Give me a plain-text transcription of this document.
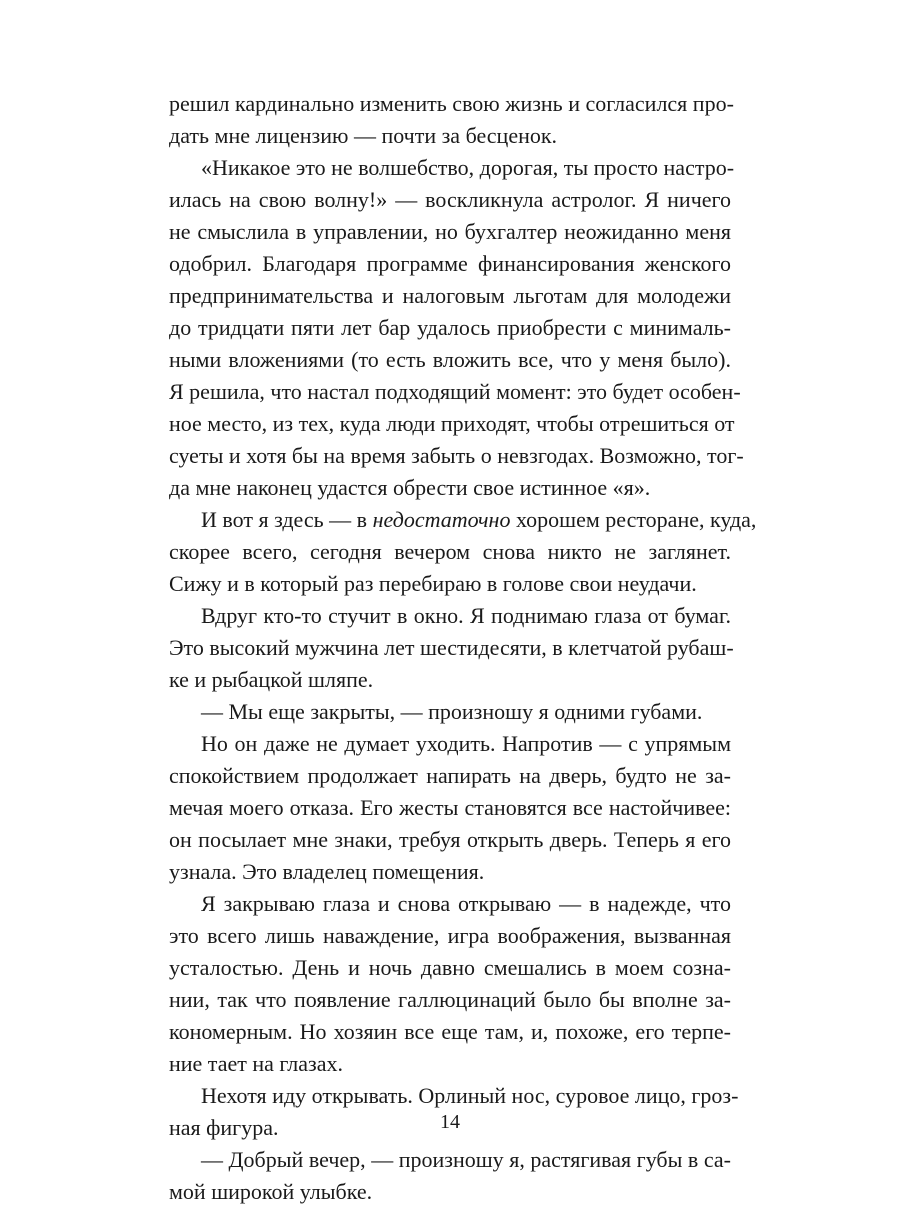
решил кардинально изменить свою жизнь и согласился про-
дать мне лицензию — почти за бесценок.
«Никакое это не волшебство, дорогая, ты просто настро-
илась на свою волну!» — воскликнула астролог. Я ничего
не смыслила в управлении, но бухгалтер неожиданно меня
одобрил. Благодаря программе финансирования женского
предпринимательства и налоговым льготам для молодежи
до тридцати пяти лет бар удалось приобрести с минималь-
ными вложениями (то есть вложить все, что у меня было).
Я решила, что настал подходящий момент: это будет особен-
ное место, из тех, куда люди приходят, чтобы отрешиться от
суеты и хотя бы на время забыть о невзгодах. Возможно, тог-
да мне наконец удастся обрести свое истинное «я».
И вот я здесь — в недостаточно хорошем ресторане, куда,
скорее всего, сегодня вечером снова никто не заглянет.
Сижу и в который раз перебираю в голове свои неудачи.
Вдруг кто-то стучит в окно. Я поднимаю глаза от бумаг.
Это высокий мужчина лет шестидесяти, в клетчатой рубаш-
ке и рыбацкой шляпе.
— Мы еще закрыты, — произношу я одними губами.
Но он даже не думает уходить. Напротив — с упрямым
спокойствием продолжает напирать на дверь, будто не за-
мечая моего отказа. Его жесты становятся все настойчивее:
он посылает мне знаки, требуя открыть дверь. Теперь я его
узнала. Это владелец помещения.
Я закрываю глаза и снова открываю — в надежде, что
это всего лишь наваждение, игра воображения, вызванная
усталостью. День и ночь давно смешались в моем созна-
нии, так что появление галлюцинаций было бы вполне за-
кономерным. Но хозяин все еще там, и, похоже, его терпе-
ние тает на глазах.
Нехотя иду открывать. Орлиный нос, суровое лицо, гроз-
ная фигура.
— Добрый вечер, — произношу я, растягивая губы в са-
мой широкой улыбке.
14
